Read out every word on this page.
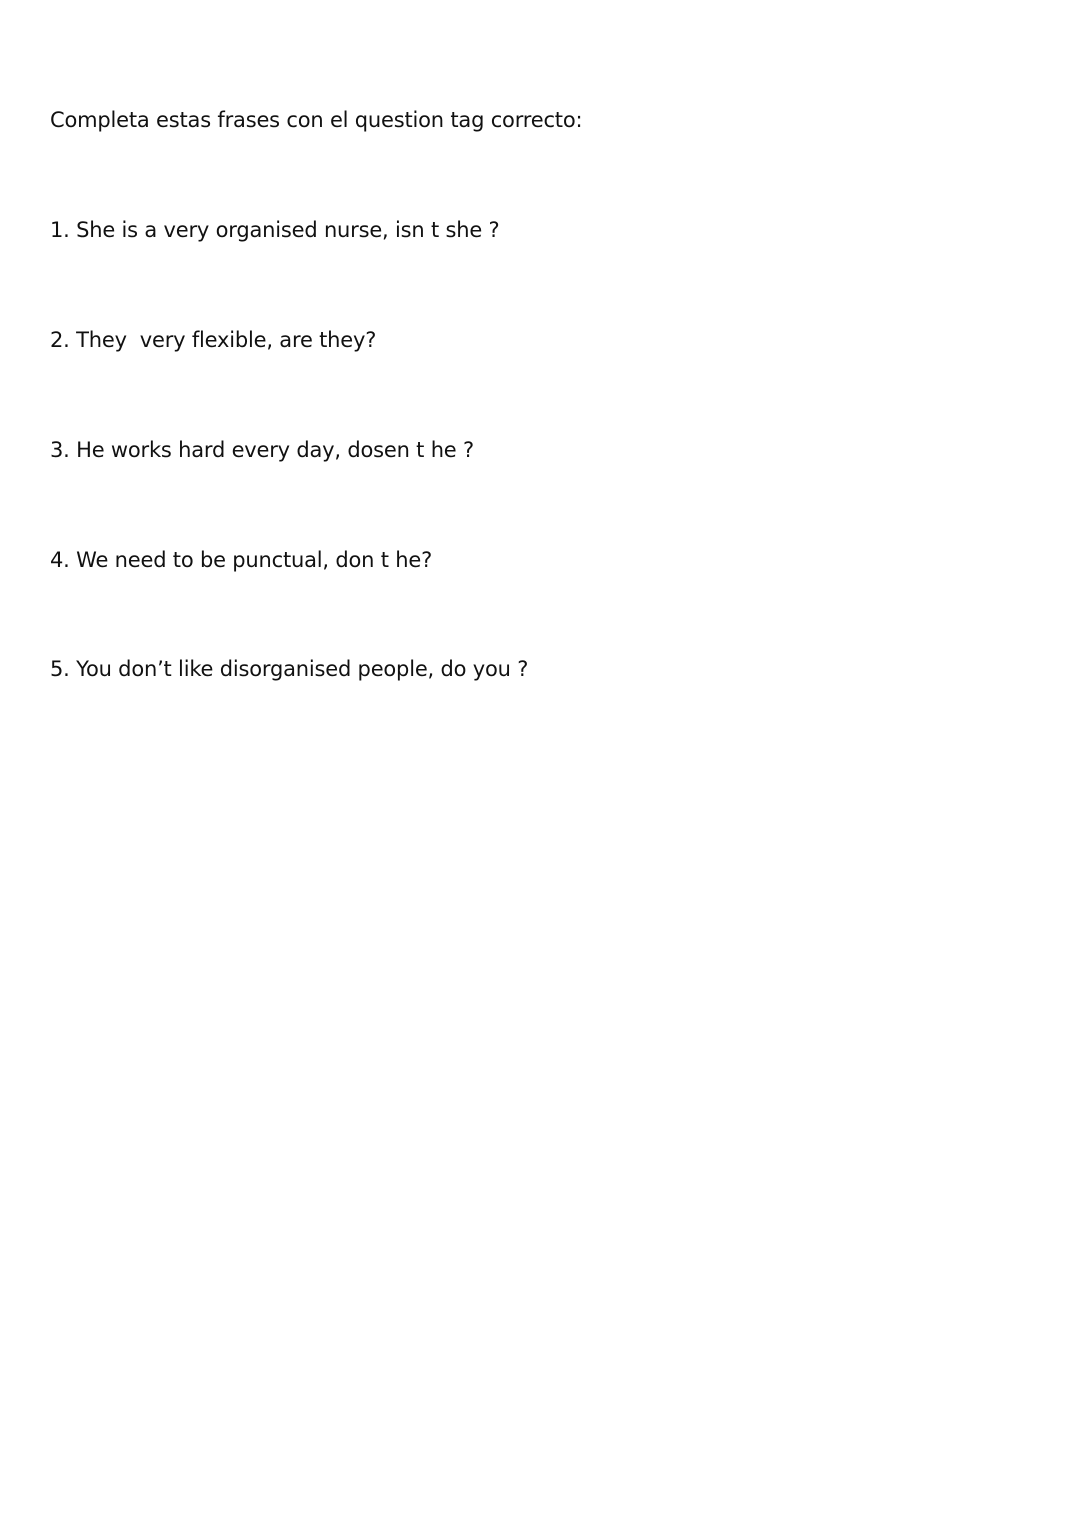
Completa estas frases con el question tag correcto:
1. She is a very organised nurse, isn t she ?
2. They  very flexible, are they?
3. He works hard every day, dosen t he ?
4. We need to be punctual, don t he?
5. You don’t like disorganised people, do you ?
